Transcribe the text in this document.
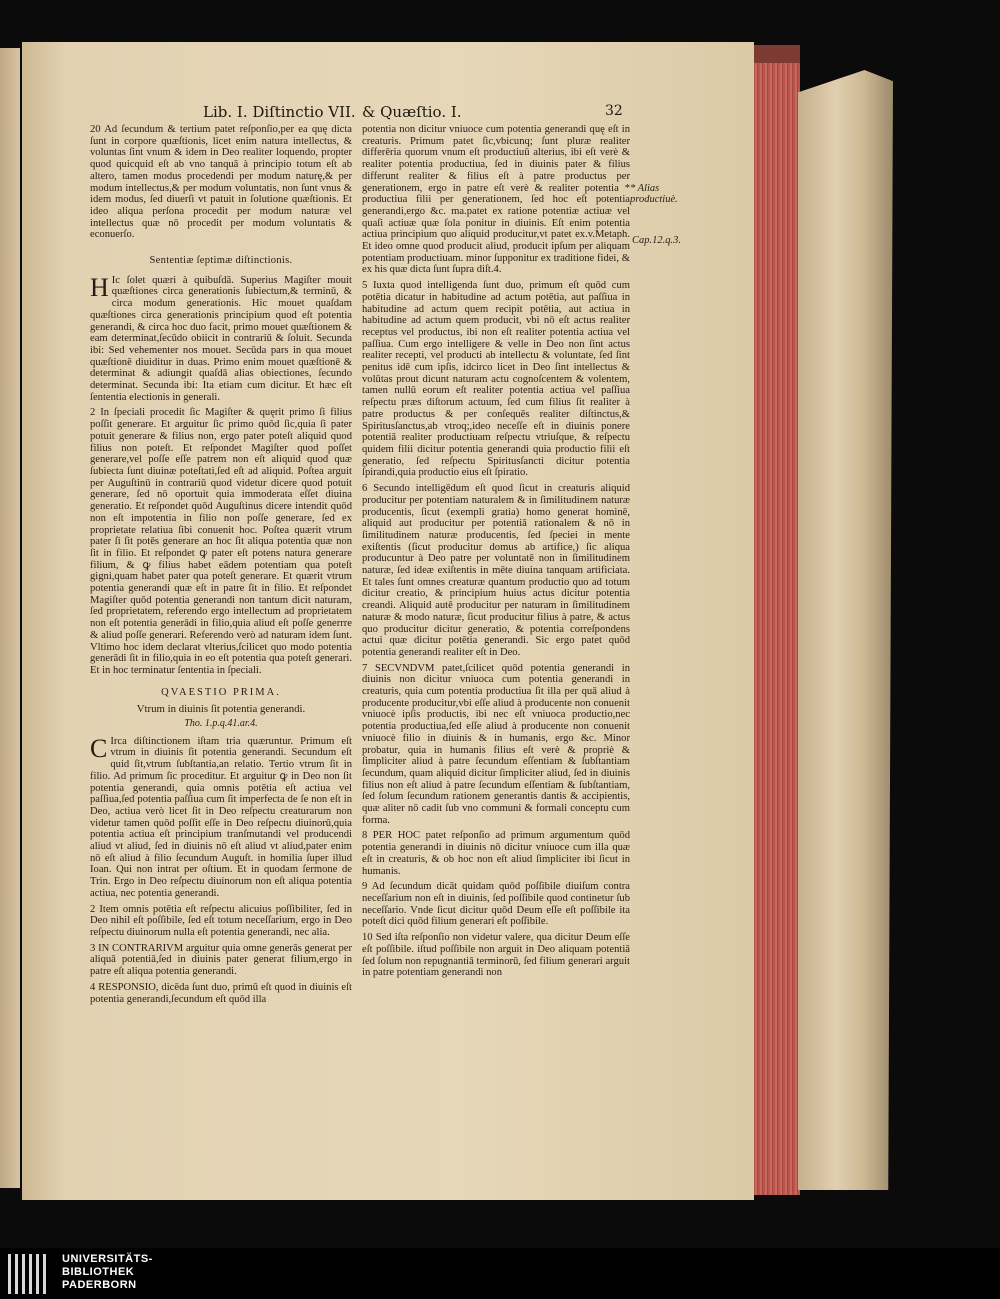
Lib. I. Diſtinctio VII. & Quæſtio. I.	32

20 Ad ſecundum & tertium patet reſponſio,per ea quę dicta ſunt in corpore quæſtionis, licet enim natura intellectus, & voluntas ſint vnum & idem in Deo realiter loquendo, propter quod quicquid eſt ab vno tanquā à principio totum eſt ab altero, tamen modus procedendi per modum naturę,& per modum intellectus,& per modum voluntatis, non ſunt vnus & idem modus, ſed diuerſi vt patuit in ſolutione quæſtionis. Et ideo aliqua perſona procedit per modum naturæ vel intellectus quæ nō procedit per modum voluntatis & econuerſo.

Sententiæ ſeptimæ diſtinctionis.

H Ic ſolet quæri à quibuſdā. Superius Magiſter mouit quæſtiones circa generationis ſubiectum,& terminū, & circa modum generationis. Hic mouet quaſdam quæſtiones circa generationis principium quod eſt potentia generandi, & circa hoc duo facit, primo mouet quæſtionem & eam determinat,ſecūdo obiicit in contrariū & ſoluit. Secunda ibi: Sed vehementer nos mouet. Secūda pars in qua mouet quæſtionē diuiditur in duas. Primo enim mouet quæſtionē & determinat & adiungit quaſdā alias obiectiones, ſecundo determinat. Secunda ibi: Ita etiam cum dicitur. Et hæc eſt ſententia electionis in generali.

2 In ſpeciali procedit ſic Magiſter & quęrit primo ſi filius poſſit generare. Et arguitur ſic primo quōd ſic,quia ſi pater potuit generare & filius non, ergo pater poteſt aliquid quod filius non poteſt. Et reſpondet Magiſter quod poſſet generare,vel poſſe eſſe patrem non eſt aliquid quod quæ ſubiecta ſunt diuinæ poteſtati,ſed eſt ad aliquid. Poſtea arguit per Auguſtinū in contrariū quod videtur dicere quod potuit generare, ſed nō oportuit quia immoderata eſſet diuina generatio. Et reſpondet quōd Auguſtinus dicere intendit quōd non eſt impotentia in filio non poſſe generare, ſed ex proprietate relatiua ſibi conuenit hoc. Poſtea quærit vtrum pater ſi ſit potēs generare an hoc ſit aliqua potentia quæ non ſit in filio. Et reſpondet ꝙ pater eſt potens natura generare filium, & ꝙ filius habet eādem potentiam qua poteſt gigni,quam habet pater qua poteſt generare. Et quærit vtrum potentia generandi quæ eſt in patre ſit in filio. Et reſpondet Magiſter quōd potentia generandi non tantum dicit naturam, ſed proprietatem, referendo ergo intellectum ad proprietatem non eſt potentia generādi in filio,quia aliud eſt poſſe generrre & aliud poſſe generari. Referendo verò ad naturam idem ſunt. Vltimo hoc idem declarat vlterius,ſcilicet quo modo potentia generādi ſit in filio,quia in eo eſt potentia qua poteſt generari. Et in hoc terminatur ſententia in ſpeciali.

QVAESTIO PRIMA.
Vtrum in diuinis ſit potentia generandi.
Tho. 1.p.q.41.ar.4.

C Irca diſtinctionem iſtam tria quæruntur. Primum eſt vtrum in diuinis ſit potentia generandi. Secundum eſt quid ſit,vtrum ſubſtantia,an relatio. Tertio vtrum ſit in filio. Ad primum ſic proceditur. Et arguitur ꝙ in Deo non ſit potentia generandi, quia omnis potētia eſt actiua vel paſſiua,ſed potentia paſſiua cum ſit imperfecta de ſe non eſt in Deo, actiua verò licet ſit in Deo reſpectu creaturarum non videtur tamen quōd poſſit eſſe in Deo reſpectu diuinorū,quia potentia actiua eſt principium tranſmutandi vel producendi aliud vt aliud, ſed in diuinis nō eſt aliud vt aliud,pater enim nō eſt aliud à filio ſecundum Auguſt. in homilia ſuper illud Ioan. Qui non intrat per oſtium. Et in quodam ſermone de Trin. Ergo in Deo reſpectu diuinorum non eſt aliqua potentia actiua, nec potentia generandi.

2 Item omnis potētia eſt reſpectu alicuius poſſibiliter, ſed in Deo nihil eſt poſſibile, ſed eſt totum neceſſarium, ergo in Deo reſpectu diuinorum nulla eſt potentia generandi, nec alia.

3 IN CONTRARIVM arguitur quia omne generās generat per aliquā potentiā,ſed in diuinis pater generat filium,ergo in patre eſt aliqua potentia generandi.

4 RESPONSIO, dicēda ſunt duo, primū eſt quod in diuinis eſt potentia generandi,ſecundum eſt quōd illa

potentia non dicitur vniuoce cum potentia generandi quę eſt in creaturis. Primum patet ſic,vbicunq; ſunt pluræ realiter differēria quorum vnum eſt productiuū alterius, ibi eſt verè & realiter potentia productiua, ſed in diuinis pater & filius differunt realiter & filius eſt à patre productus per generationem, ergo in patre eſt verè & realiter potentia * productiua filii per generationem, ſed hoc eſt potentia generandi,ergo &c. ma.patet ex ratione potentiæ actiuæ vel quaſi actiuæ quæ ſola ponitur in diuinis. Eſt enim potentia actiua principium quo aliquid producitur,vt patet ex.v.Metaph. Et ideo omne quod producit aliud, producit ipſum per aliquam potentiam productiuam. minor ſupponitur ex traditione fidei, & ex his quæ dicta ſunt ſupra diſt.4.

5 Iuxta quod intelligenda ſunt duo, primum eſt quōd cum potētia dicatur in habitudine ad actum potētia, aut paſſiua in habitudine ad actum quem recipit potētia, aut actiua in habitudine ad actum quem producit, vbi nō eſt actus realiter receptus vel productus, ibi non eſt realiter potentia actiua vel paſſiua. Cum ergo intelligere & velle in Deo non ſint actus realiter recepti, vel producti ab intellectu & voluntate, ſed ſint penitus idē cum ipſis, idcirco licet in Deo ſint intellectus & volūtas prout dicunt naturam actu cognoſcentem & volentem, tamen nullū eorum eſt realiter potentia actiua vel paſſiua reſpectu præs diſtorum actuum, ſed cum filius ſit realiter à patre productus & per conſequēs realiter diſtinctus,& Spiritusſanctus,ab vtroq;,ideo neceſſe eſt in diuinis ponere potentiā realiter productiuam reſpectu vtriuſque, & reſpectu quidem filii dicitur potentia generandi quia productio filii eſt generatio, ſed reſpectu Spiritusſancti dicitur potentia ſpirandi,quia productio eius eſt ſpiratio.

6 Secundo intelligēdum eſt quod ſicut in creaturis aliquid producitur per potentiam naturalem & in ſimilitudinem naturæ producentis, ſicut (exempli gratia) homo generat hominē, aliquid aut producitur per potentiā rationalem & nō in ſimilitudinem naturæ producentis, ſed ſpeciei in mente exiſtentis (ſicut producitur domus ab artifice,) ſic aliqua producuntur à Deo patre per voluntatē non in ſimilitudinem naturæ, ſed ideæ exiſtentis in mēte diuina tanquam artificiata. Et tales ſunt omnes creaturæ quantum productio quo ad totum dicitur creatio, & principium huius actus dicitur potentia creandi. Aliquid autē producitur per naturam in ſimilitudinem naturæ & modo naturæ, ſicut producitur filius à patre, & actus quo producitur dicitur generatio, & potentia correſpondens actui quæ dicitur potētia generandi. Sic ergo patet quōd potentia generandi realiter eſt in Deo.

7 SECVNDVM patet,ſcilicet quōd potentia generandi in diuinis non dicitur vniuoca cum potentia generandi in creaturis, quia cum potentia productiua ſit illa per quā aliud à producente producitur,vbi eſſe aliud à producente non conuenit vniuocè ipſis productis, ibi nec eſt vniuoca productio,nec potentia productiua,ſed eſſe aliud à producente non conuenit vniuocè filio in diuinis & in humanis, ergo &c. Minor probatur, quia in humanis filius eſt verè & propriè & ſimpliciter aliud à patre ſecundum eſſentiam & ſubſtantiam ſecundum, quam aliquid dicitur ſimpliciter aliud, ſed in diuinis filius non eſt aliud à patre ſecundum eſſentiam & ſubſtantiam, ſed ſolum ſecundum rationem generantis dantis & accipientis, quæ aliter nō cadit ſub vno communi & formali conceptu cum forma.

8 PER HOC patet reſponſio ad primum argumentum quōd potentia generandi in diuinis nō dicitur vniuoce cum illa quæ eſt in creaturis, & ob hoc non eſt aliud ſimpliciter ibi ſicut in humanis.

9 Ad ſecundum dicāt quidam quōd poſſibile diuiſum contra neceſſarium non eſt in diuinis, ſed poſſibile quod continetur ſub neceſſario. Vnde ſicut dicitur quōd Deum eſſe eſt poſſibile ita poteſt dici quōd filium generari eſt poſſibile.

10 Sed iſta reſponſio non videtur valere, qua dicitur Deum eſſe eſt poſſibile. iſtud poſſibile non arguit in Deo aliquam potentiā ſed ſolum non repugnantiā terminorū, ſed filium generari arguit in patre potentiam generandi non

* Alias productiuè.
Cap.12.q.3.
UNIVERSITÄTS-
BIBLIOTHEK
PADERBORN
